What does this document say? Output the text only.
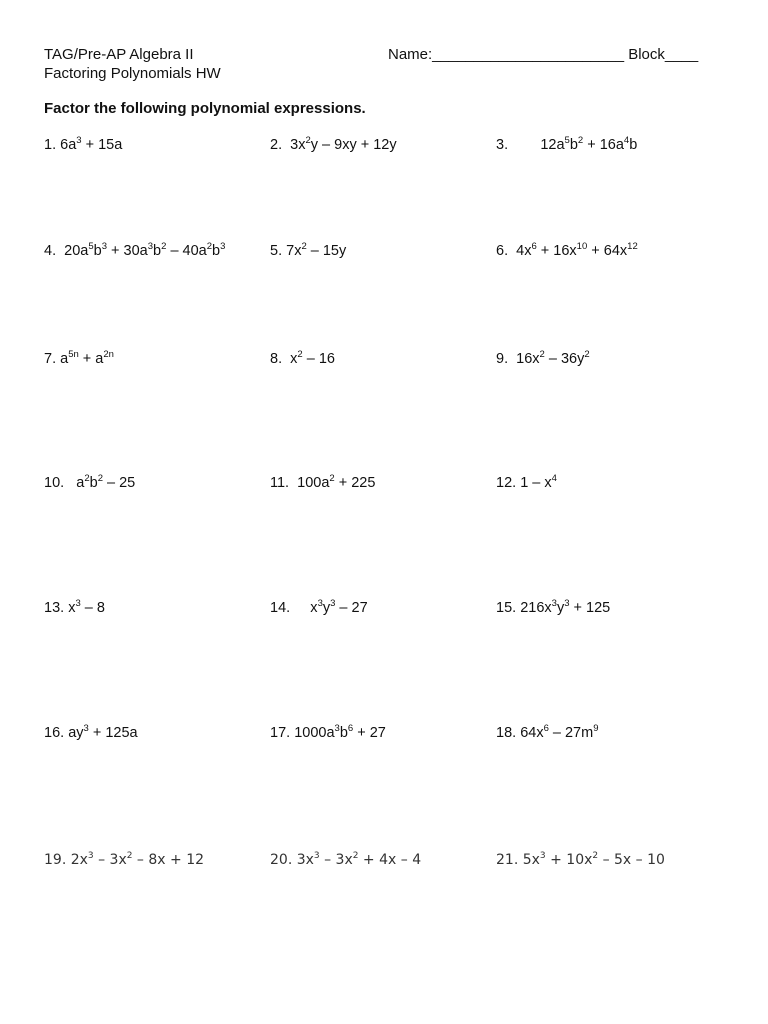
TAG/Pre-AP Algebra II
Factoring Polynomials HW
Name:_______________________ Block____
Factor the following polynomial expressions.
1. $6a^3 + 15a$	2.  $3x^2y - 9xy + 12y$	3.        $12a^5b^2 + 16a^4b$
4.  $20a^5b^3 + 30a^3b^2 - 40a^2b^3$	5. $7x^2 - 15y$	6.  $4x^6 + 16x^{10} + 64x^{12}$
7. $a^{5n} + a^{2n}$	8.  $x^2 - 16$	9.  $16x^2 - 36y^2$
10.   $a^2b^2 - 25$	11.  $100a^2 + 225$	12. $1 - x^4$
13. $x^3 - 8$	14.     $x^3y^3 - 27$	15. $216x^3y^3 + 125$
16. $ay^3 + 125a$	17. $1000a^3b^6 + 27$	18. $64x^6 - 27m^9$
19. $2x^3 - 3x^2 - 8x + 12$	20. $3x^3 - 3x^2 + 4x - 4$	21. $5x^3 + 10x^2 - 5x - 10$
